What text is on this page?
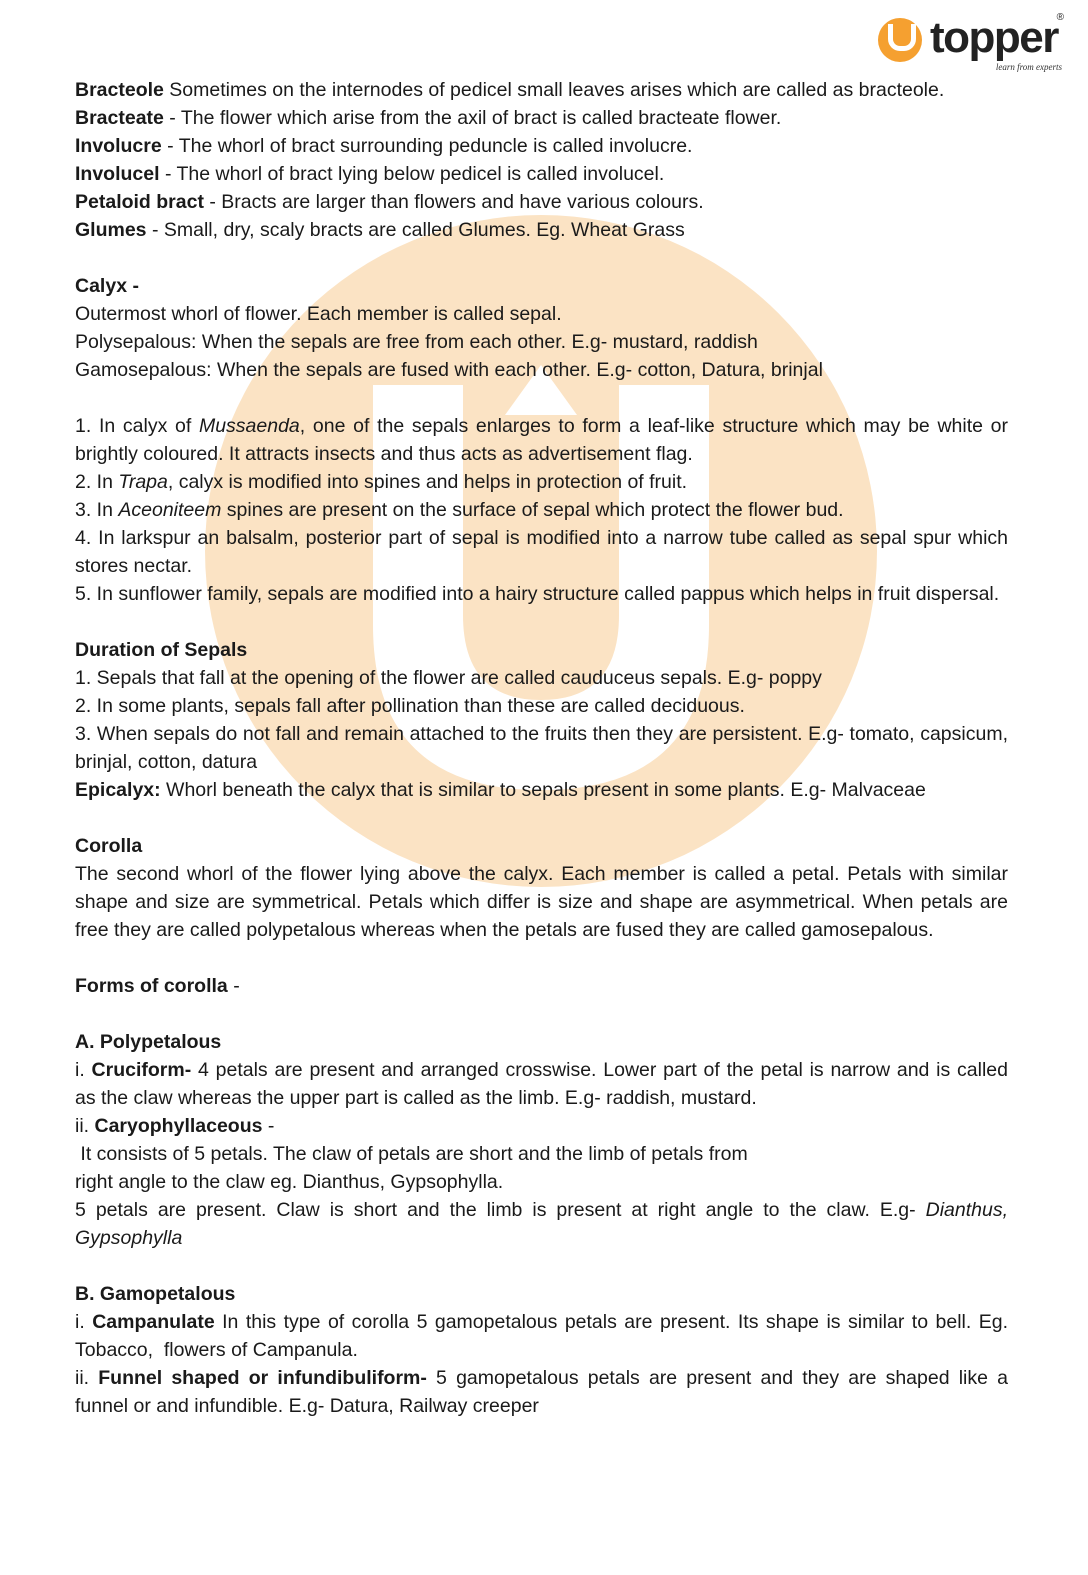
topper
®
learn from experts

Bracteole Sometimes on the internodes of pedicel small leaves arises which are called as bracteole.

Bracteate - The flower which arise from the axil of bract is called bracteate flower.

Involucre - The whorl of bract surrounding peduncle is called involucre.

Involucel - The whorl of bract lying below pedicel is called involucel.

Petaloid bract - Bracts are larger than flowers and have various colours.

Glumes - Small, dry, scaly bracts are called Glumes. Eg. Wheat Grass

Calyx -

Outermost whorl of flower. Each member is called sepal.

Polysepalous: When the sepals are free from each other. E.g- mustard, raddish

Gamosepalous: When the sepals are fused with each other. E.g- cotton, Datura, brinjal

1. In calyx of Mussaenda, one of the sepals enlarges to form a leaf-like structure which may be white or brightly coloured. It attracts insects and thus acts as advertisement flag.

2. In Trapa, calyx is modified into spines and helps in protection of fruit.

3. In Aceoniteem spines are present on the surface of sepal which protect the flower bud.

4. In larkspur an balsalm, posterior part of sepal is modified into a narrow tube called as sepal spur which stores nectar.

5. In sunflower family, sepals are modified into a hairy structure called pappus which helps in fruit dispersal.

Duration of Sepals

1. Sepals that fall at the opening of the flower are called cauduceus sepals. E.g- poppy

2. In some plants, sepals fall after pollination than these are called deciduous.

3. When sepals do not fall and remain attached to the fruits then they are persistent. E.g- tomato, capsicum, brinjal, cotton, datura

Epicalyx: Whorl beneath the calyx that is similar to sepals present in some plants. E.g- Malvaceae

Corolla

The second whorl of the flower lying above the calyx. Each member is called a petal. Petals with similar shape and size are symmetrical. Petals which differ is size and shape are asymmetrical. When petals are free they are called polypetalous whereas when the petals are fused they are called gamosepalous.

Forms of corolla -

A. Polypetalous

i. Cruciform- 4 petals are present and arranged crosswise. Lower part of the petal is narrow and is called as the claw whereas the upper part is called as the limb. E.g- raddish, mustard.

ii. Caryophyllaceous -

It consists of 5 petals. The claw of petals are short and the limb of petals from

right angle to the claw eg. Dianthus, Gypsophylla.

5 petals are present. Claw is short and the limb is present at right angle to the claw. E.g- Dianthus, Gypsophylla

B. Gamopetalous

i. Campanulate In this type of corolla 5 gamopetalous petals are present. Its shape is similar to bell. Eg. Tobacco,  flowers of Campanula.

ii. Funnel shaped or infundibuliform- 5 gamopetalous petals are present and they are shaped like a funnel or and infundible. E.g- Datura, Railway creeper
